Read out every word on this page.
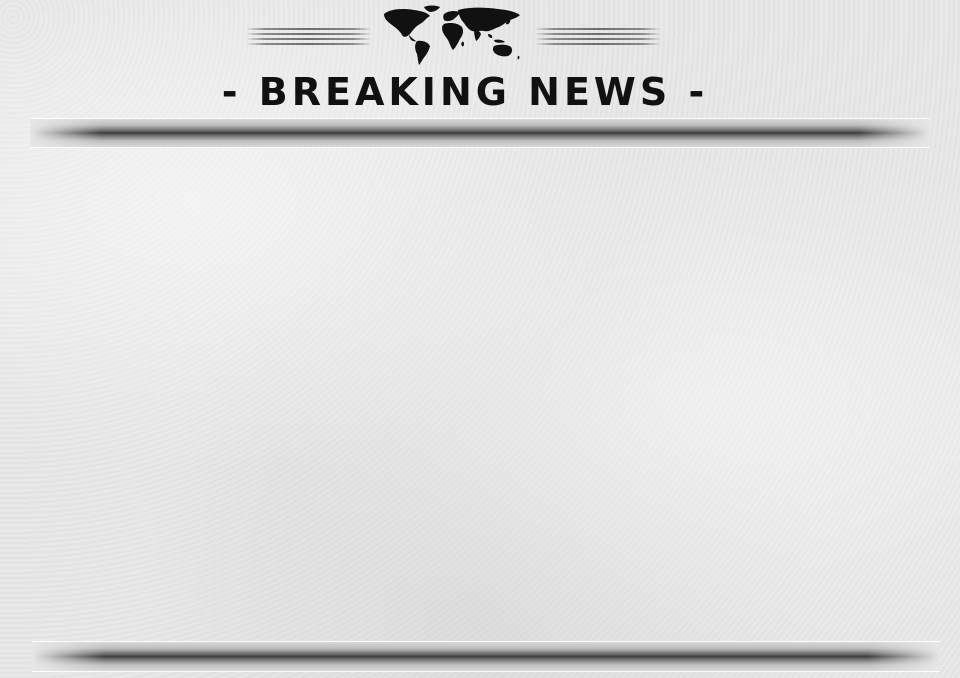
- BREAKING NEWS -
